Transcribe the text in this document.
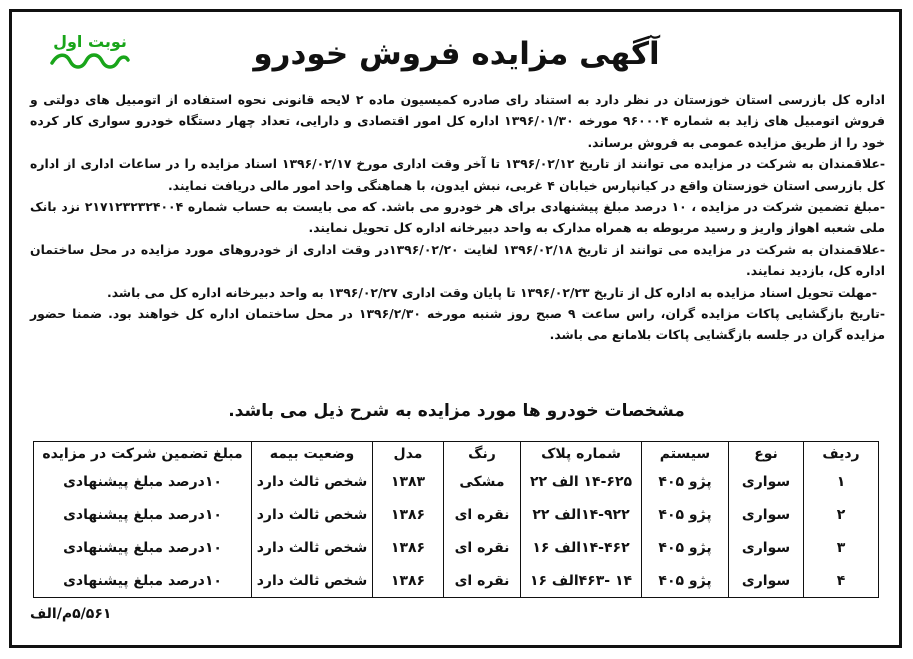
نوبت اول	آگهی مزایده فروش خودرو

اداره کل بازرسی استان خوزستان در نظر دارد به استناد رای صادره کمیسیون ماده ۲ لایحه قانونی نحوه استفاده از اتومبیل های دولتی و فروش اتومبیل های زاید به شماره ۹۶۰۰۰۴ مورخه ۱۳۹۶/۰۱/۳۰ اداره کل امور اقتصادی و دارایی، تعداد چهار دستگاه خودرو سواری کار کرده خود را از طریق مزایده عمومی به فروش برساند.

-علاقمندان به شرکت در مزایده می توانند از تاریخ ۱۳۹۶/۰۲/۱۲ تا آخر وقت اداری مورخ ۱۳۹۶/۰۲/۱۷ اسناد مزایده را در ساعات اداری از اداره کل بازرسی استان خوزستان واقع در کیانپارس خیابان ۴ غربی، نبش ایدون، با هماهنگی واحد امور مالی دریافت نمایند.

-مبلغ تضمین شرکت در مزایده ، ۱۰ درصد مبلغ پیشنهادی برای هر خودرو می باشد. که می بایست به حساب شماره ۲۱۷۱۲۳۲۳۲۴۰۰۴ نزد بانک ملی شعبه اهواز واریز و رسید مربوطه به همراه مدارک به واحد دبیرخانه اداره کل تحویل نمایند.

-علاقمندان به شرکت در مزایده می توانند از تاریخ ۱۳۹۶/۰۲/۱۸ لغایت ۱۳۹۶/۰۲/۲۰در وقت اداری از خودروهای مورد مزایده در محل ساختمان اداره کل، بازدید نمایند.

-مهلت تحویل اسناد مزایده به اداره کل از تاریخ ۱۳۹۶/۰۲/۲۳ تا پایان وقت اداری ۱۳۹۶/۰۲/۲۷ به واحد دبیرخانه اداره کل می باشد.

-تاریخ بازگشایی پاکات مزایده گران، راس ساعت ۹ صبح روز شنبه مورخه ۱۳۹۶/۲/۳۰ در محل ساختمان اداره کل خواهند بود. ضمنا حضور مزایده گران در جلسه بازگشایی پاکات بلامانع می باشد.

مشخصات خودرو ها مورد مزایده به شرح ذیل می باشد.
ردیف	نوع	سیستم	شماره پلاک	رنگ	مدل	وضعیت بیمه	مبلغ تضمین شرکت در مزایده
۱	سواری	پژو ۴۰۵	۱۴-۶۲۵ الف ۲۲	مشکی	۱۳۸۳	شخص ثالث دارد	۱۰درصد مبلغ پیشنهادی
۲	سواری	پژو ۴۰۵	۱۴-۹۲۲الف ۲۲	نقره ای	۱۳۸۶	شخص ثالث دارد	۱۰درصد مبلغ پیشنهادی
۳	سواری	پژو ۴۰۵	۱۴-۴۶۲الف ۱۶	نقره ای	۱۳۸۶	شخص ثالث دارد	۱۰درصد مبلغ پیشنهادی
۴	سواری	پژو ۴۰۵	۱۴ -۴۶۳الف ۱۶	نقره ای	۱۳۸۶	شخص ثالث دارد	۱۰درصد مبلغ پیشنهادی
۵/۵۶۱م/الف
